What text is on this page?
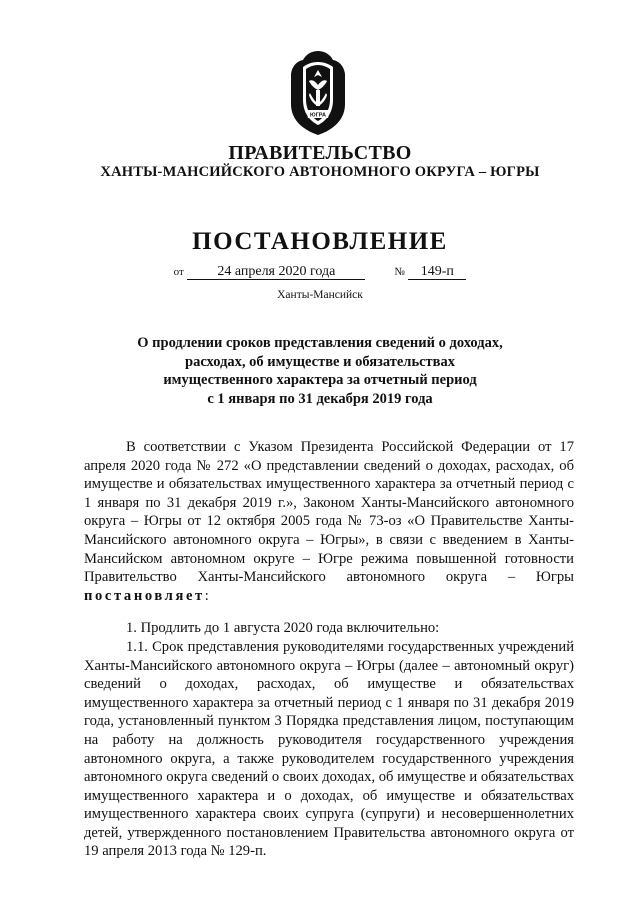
ЮГРА
ПРАВИТЕЛЬСТВО
ХАНТЫ-МАНСИЙСКОГО АВТОНОМНОГО ОКРУГА – ЮГРЫ
ПОСТАНОВЛЕНИЕ
от 24 апреля 2020 года	№ 149-п
Ханты-Мансийск
О продлении сроков представления сведений о доходах,
расходах, об имуществе и обязательствах
имущественного характера за отчетный период
с 1 января по 31 декабря 2019 года

В соответствии с Указом Президента Российской Федерации от 17 апреля 2020 года № 272 «О представлении сведений о доходах, расходах, об имуществе и обязательствах имущественного характера за отчетный период с 1 января по 31 декабря 2019 г.», Законом Ханты-Мансийского автономного округа – Югры от 12 октября 2005 года № 73-оз «О Правительстве Ханты-Мансийского автономного округа – Югры», в связи с введением в Ханты-Мансийском автономном округе – Югре режима повышенной готовности Правительство Ханты-Мансийского автономного округа – Югры постановляет:

1. Продлить до 1 августа 2020 года включительно:

1.1. Срок представления руководителями государственных учреждений Ханты-Мансийского автономного округа – Югры (далее – автономный округ) сведений о доходах, расходах, об имуществе и обязательствах имущественного характера за отчетный период с 1 января по 31 декабря 2019 года, установленный пунктом 3 Порядка представления лицом, поступающим на работу на должность руководителя государственного учреждения автономного округа, а также руководителем государственного учреждения автономного округа сведений о своих доходах, об имуществе и обязательствах имущественного характера и о доходах, об имуществе и обязательствах имущественного характера своих супруга (супруги) и несовершеннолетних детей, утвержденного постановлением Правительства автономного округа от 19 апреля 2013 года № 129-п.
